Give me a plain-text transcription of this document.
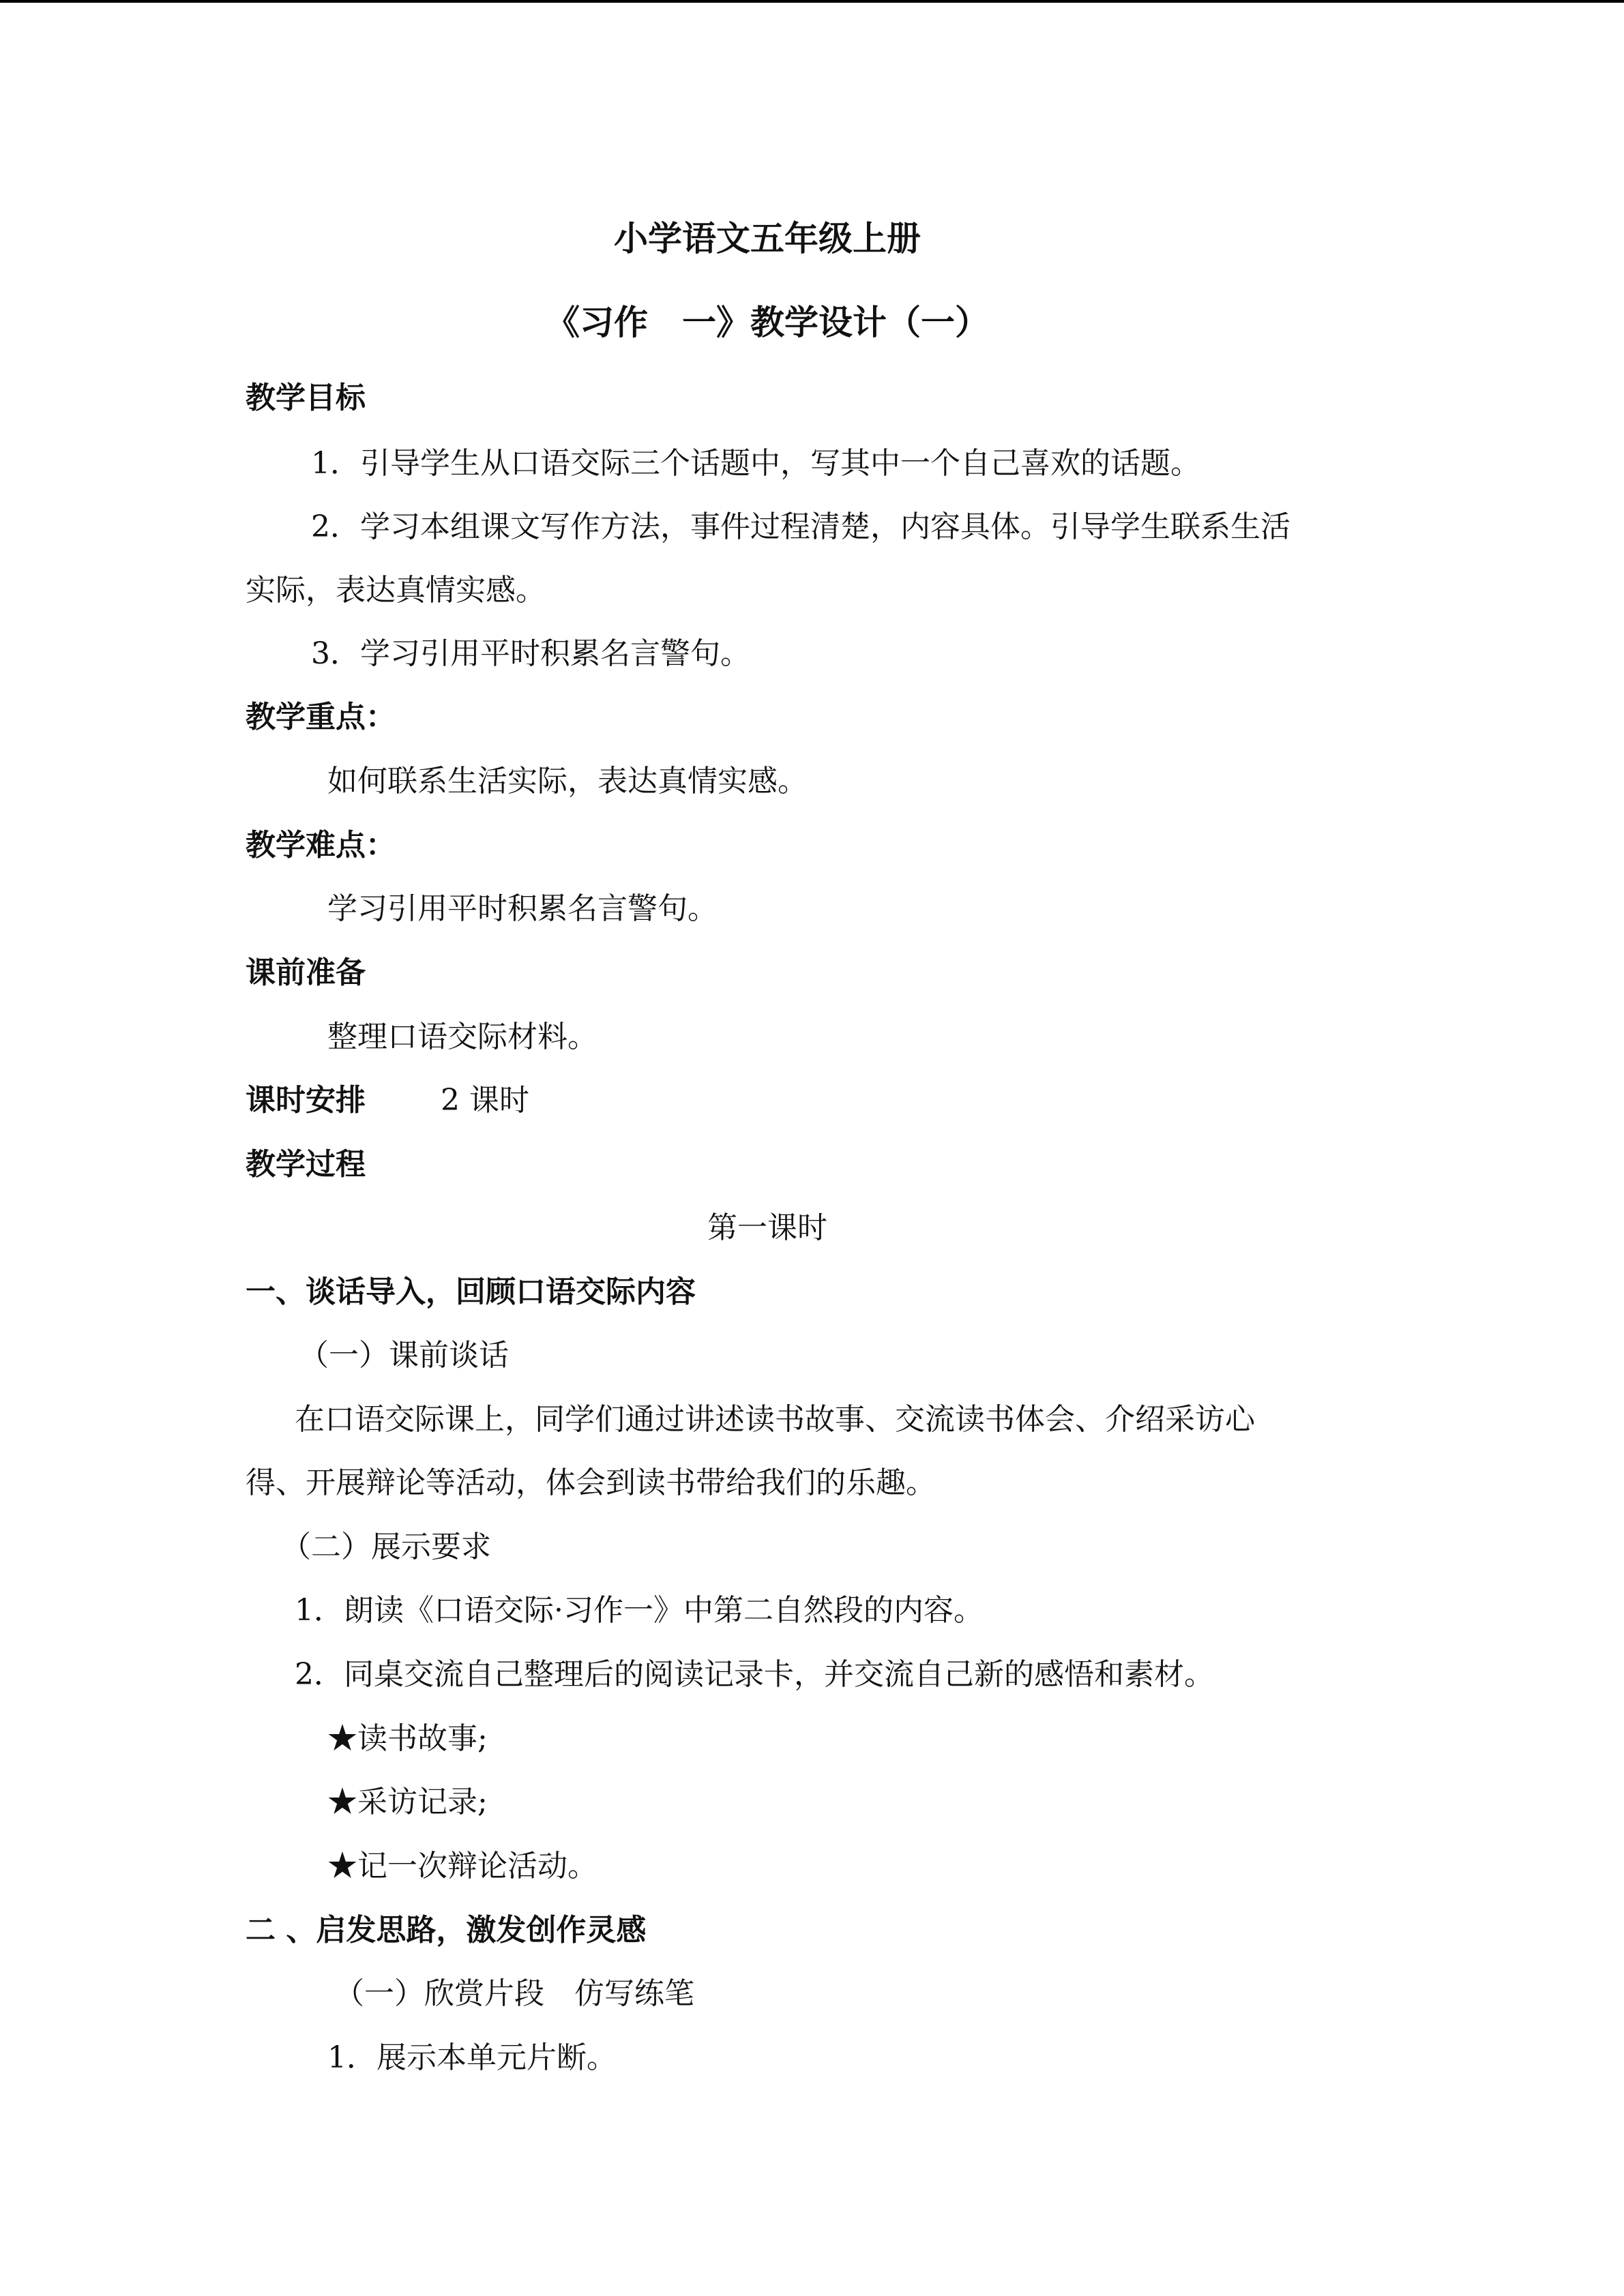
小学语文五年级上册
《习作　一》教学设计（一）
教学目标
1．引导学生从口语交际三个话题中，写其中一个自己喜欢的话题。
2．学习本组课文写作方法，事件过程清楚，内容具体。引导学生联系生活
实际，表达真情实感。
3．学习引用平时积累名言警句。
教学重点：
如何联系生活实际，表达真情实感。
教学难点：
学习引用平时积累名言警句。
课前准备
整理口语交际材料。
课时安排	2 课时
教学过程
第一课时
一、谈话导入，回顾口语交际内容
（一）课前谈话
在口语交际课上，同学们通过讲述读书故事、交流读书体会、介绍采访心
得、开展辩论等活动，体会到读书带给我们的乐趣。
（二）展示要求
1．朗读《口语交际·习作一》中第二自然段的内容。
2．同桌交流自己整理后的阅读记录卡，并交流自己新的感悟和素材。
★读书故事;
★采访记录;
★记一次辩论活动。
二 、启发思路，激发创作灵感
（一）欣赏片段　仿写练笔
1．展示本单元片断。
